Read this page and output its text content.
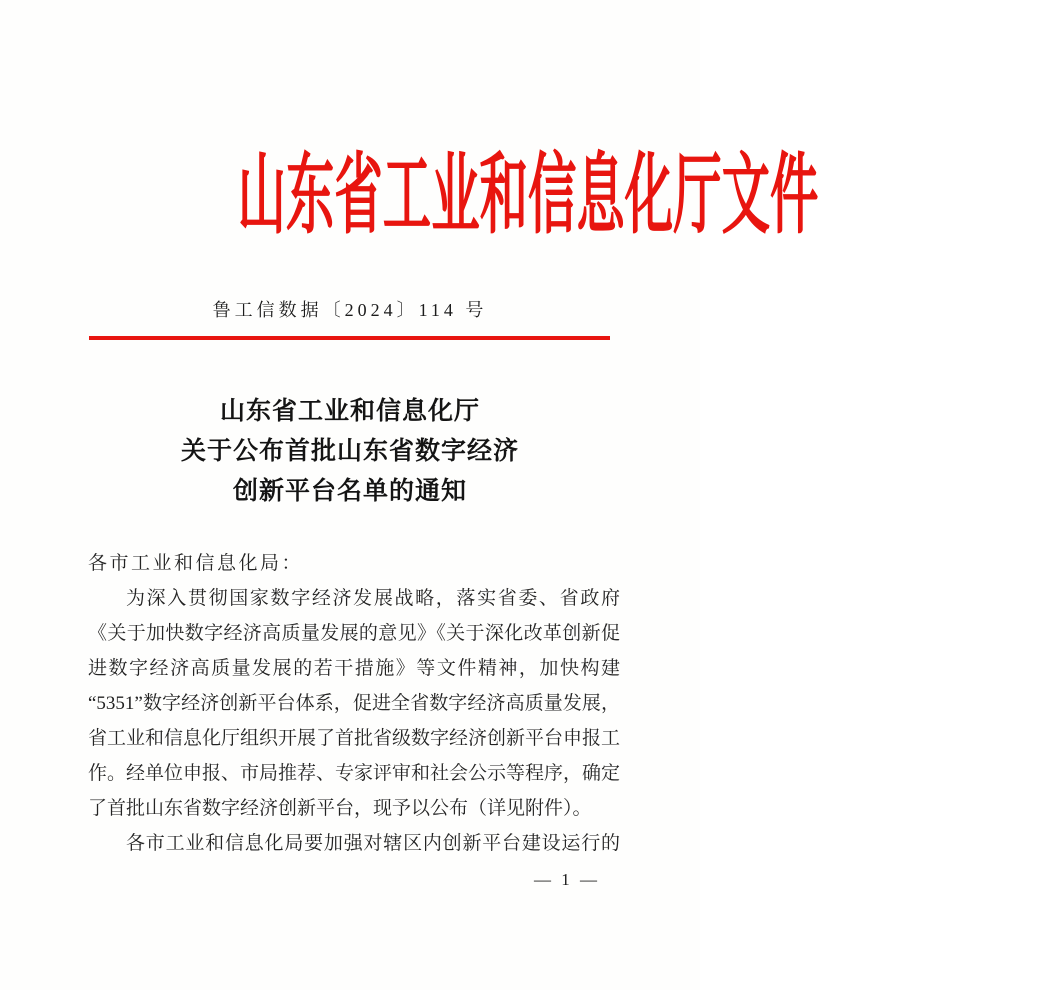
山东省工业和信息化厅文件
鲁工信数据〔2024〕114 号
山东省工业和信息化厅
关于公布首批山东省数字经济
创新平台名单的通知
各市工业和信息化局：
为深入贯彻国家数字经济发展战略，落实省委、省政府
《关于加快数字经济高质量发展的意见》《关于深化改革创新促
进数字经济高质量发展的若干措施》等文件精神，加快构建
“5351”数字经济创新平台体系，促进全省数字经济高质量发展，
省工业和信息化厅组织开展了首批省级数字经济创新平台申报工
作。经单位申报、市局推荐、专家评审和社会公示等程序，确定
了首批山东省数字经济创新平台，现予以公布（详见附件）。
各市工业和信息化局要加强对辖区内创新平台建设运行的
— 1 —
